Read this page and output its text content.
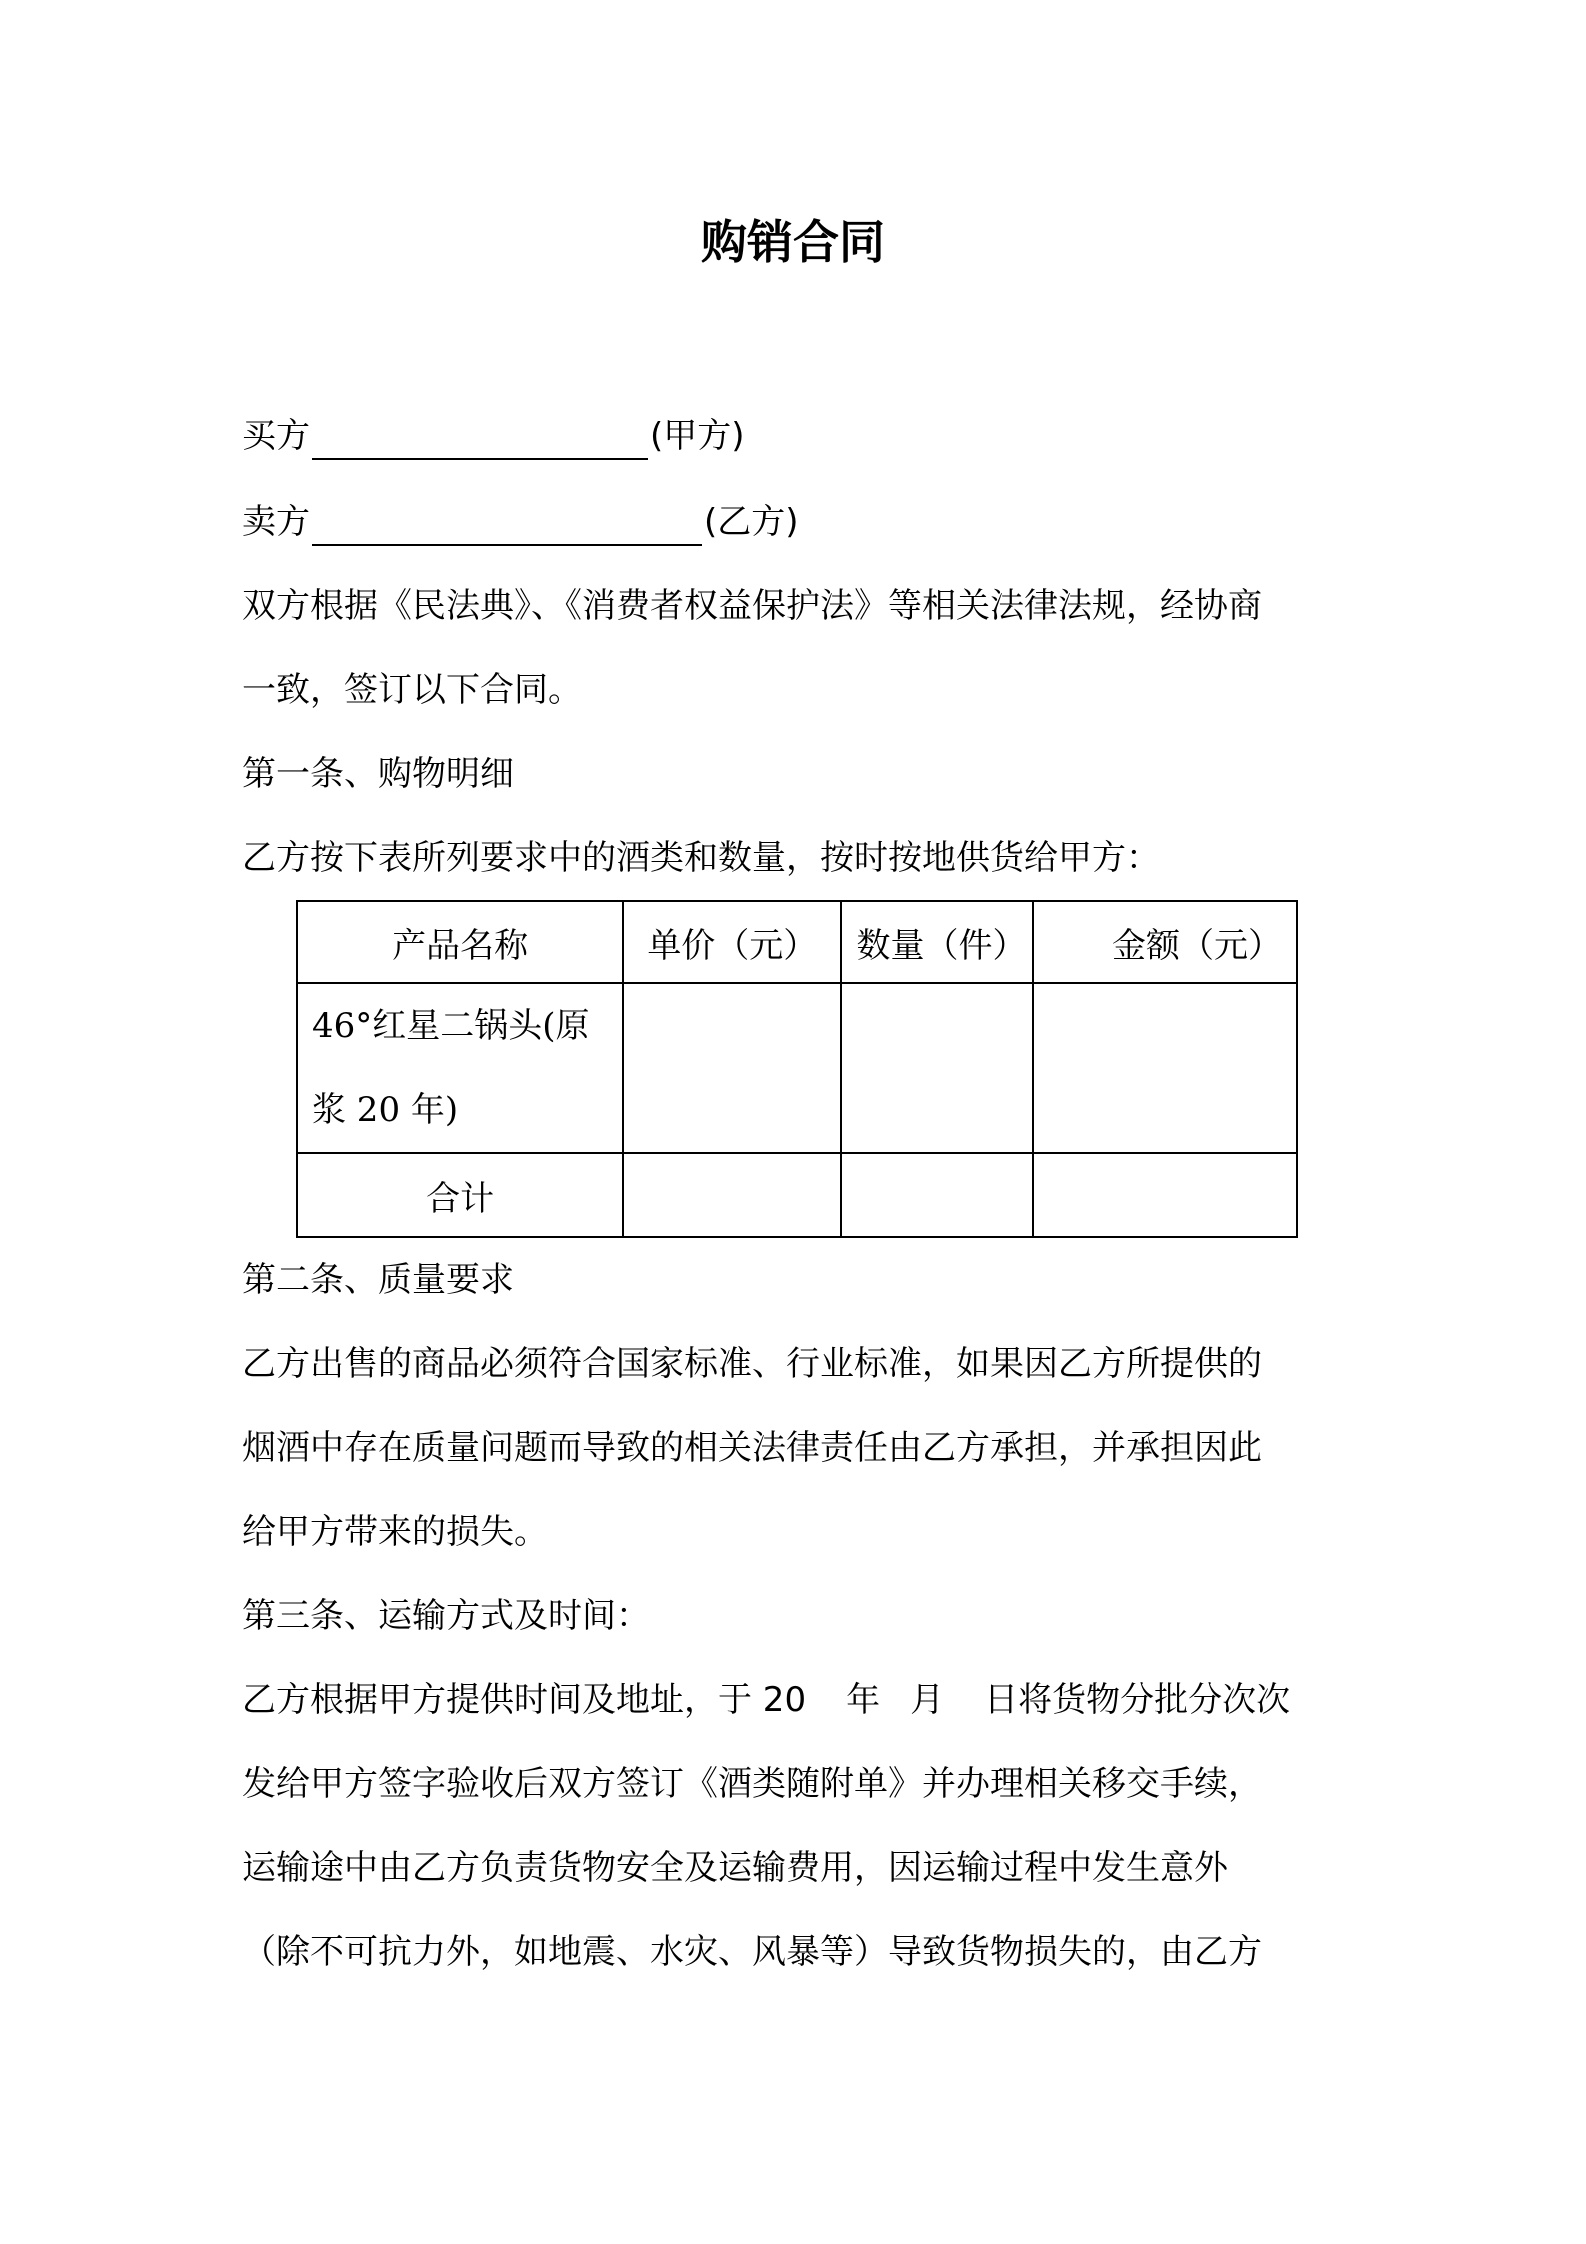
购销合同
买方	(甲方)
卖方	(乙方)
双方根据《民法典》、《消费者权益保护法》等相关法律法规，经协商
一致，签订以下合同。
第一条、购物明细
乙方按下表所列要求中的酒类和数量，按时按地供货给甲方：
产品名称	单价（元）	数量（件）	金额（元）

46°红星二锅头(原
浆 20 年)			

合计			
第二条、质量要求
乙方出售的商品必须符合国家标准、行业标准，如果因乙方所提供的
烟酒中存在质量问题而导致的相关法律责任由乙方承担，并承担因此
给甲方带来的损失。
第三条、运输方式及时间：
乙方根据甲方提供时间及地址，于 20 年 月 日将货物分批分次次
发给甲方签字验收后双方签订《酒类随附单》并办理相关移交手续，
运输途中由乙方负责货物安全及运输费用，因运输过程中发生意外
（除不可抗力外，如地震、水灾、风暴等）导致货物损失的，由乙方
